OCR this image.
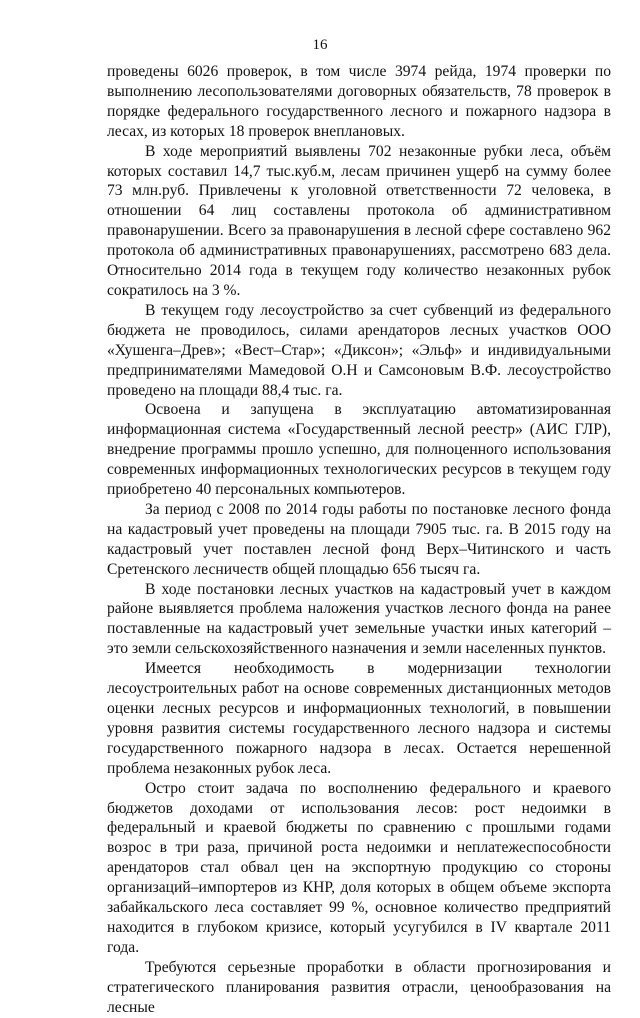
16

проведены 6026 проверок, в том числе 3974 рейда, 1974 проверки по выполнению лесопользователями договорных обязательств, 78 проверок в порядке федерального государственного лесного и пожарного надзора в лесах, из которых 18 проверок внеплановых.

В ходе мероприятий выявлены 702 незаконные рубки леса, объём которых составил 14,7 тыс.куб.м, лесам причинен ущерб на сумму более 73 млн.руб. Привлечены к уголовной ответственности 72 человека, в отношении 64 лиц составлены протокола об административном правонарушении. Всего за правонарушения в лесной сфере составлено 962 протокола об административных правонарушениях, рассмотрено 683 дела. Относительно 2014 года в текущем году количество незаконных рубок сократилось на 3 %.

В текущем году лесоустройство за счет субвенций из федерального бюджета не проводилось, силами арендаторов лесных участков ООО «Хушенга–Древ»; «Вест–Стар»; «Диксон»; «Эльф» и индивидуальными предпринимателями Мамедовой О.Н и Самсоновым В.Ф. лесоустройство проведено на площади 88,4 тыс. га.

Освоена и запущена в эксплуатацию автоматизированная информационная система «Государственный лесной реестр» (АИС ГЛР), внедрение программы прошло успешно, для полноценного использования современных информационных технологических ресурсов в текущем году приобретено 40 персональных компьютеров.

За период с 2008 по 2014 годы работы по постановке лесного фонда на кадастровый учет проведены на площади 7905 тыс. га. В 2015 году на кадастровый учет поставлен лесной фонд Верх–Читинского и часть Сретенского лесничеств общей площадью 656 тысяч га.

В ходе постановки лесных участков на кадастровый учет в каждом районе выявляется проблема наложения участков лесного фонда на ранее поставленные на кадастровый учет земельные участки иных категорий – это земли сельскохозяйственного назначения и земли населенных пунктов.

Имеется необходимость в модернизации технологии лесоустроительных работ на основе современных дистанционных методов оценки лесных ресурсов и информационных технологий, в повышении уровня развития системы государственного лесного надзора и системы государственного пожарного надзора в лесах. Остается нерешенной проблема незаконных рубок леса.

Остро стоит задача по восполнению федерального и краевого бюджетов доходами от использования лесов: рост недоимки в федеральный и краевой бюджеты по сравнению с прошлыми годами возрос в три раза, причиной роста недоимки и неплатежеспособности арендаторов стал обвал цен на экспортную продукцию со стороны организаций–импортеров из КНР, доля которых в общем объеме экспорта забайкальского леса составляет 99 %, основное количество предприятий находится в глубоком кризисе, который усугубился в IV квартале 2011 года.

Требуются серьезные проработки в области прогнозирования и стратегического планирования развития отрасли, ценообразования на лесные
